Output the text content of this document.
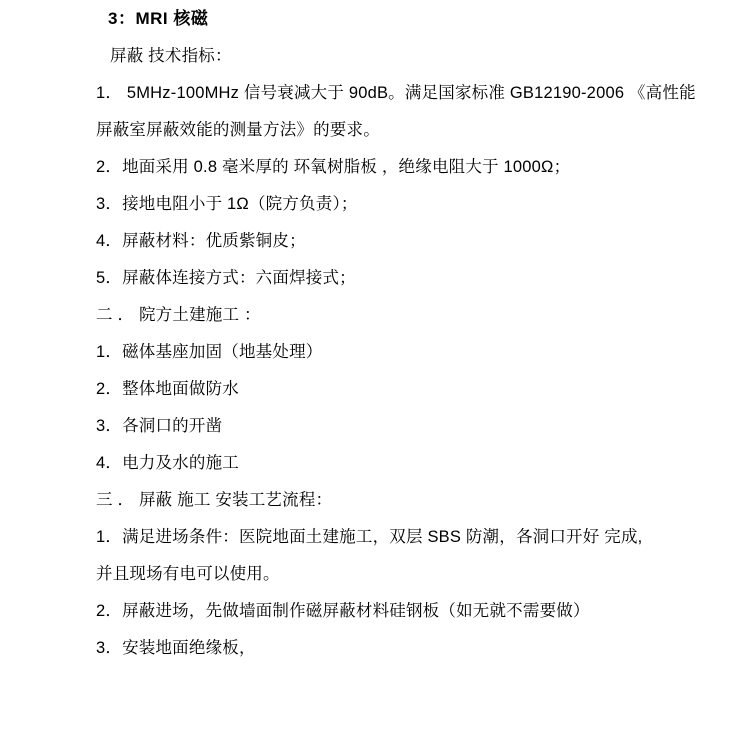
3：MRI 核磁

屏蔽 技术指标：

1． 5MHz-100MHz 信号衰减大于 90dB。满足国家标准 GB12190-2006 《高性能

屏蔽室屏蔽效能的测量方法》的要求。

2．地面采用 0.8 毫米厚的 环氧树脂板 ，绝缘电阻大于 1000Ω；

3．接地电阻小于 1Ω（院方负责）；

4．屏蔽材料：优质紫铜皮；

5．屏蔽体连接方式：六面焊接式；

二 ． 院方土建施工 ：

1．磁体基座加固（地基处理）

2．整体地面做防水

3．各洞口的开凿

4．电力及水的施工

三 ． 屏蔽 施工 安装工艺流程：

1．满足进场条件：医院地面土建施工，双层 SBS 防潮，各洞口开好 完成,

并且现场有电可以使用。

2．屏蔽进场，先做墙面制作磁屏蔽材料硅钢板（如无就不需要做）

3．安装地面绝缘板，
